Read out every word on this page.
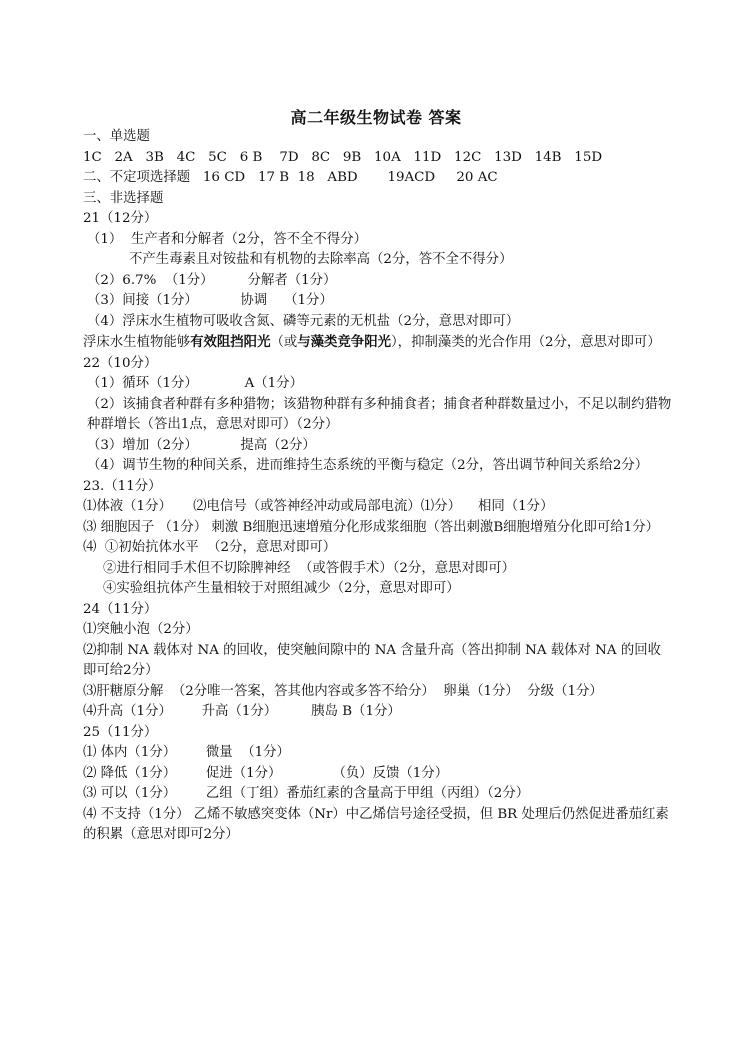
高二年级生物试卷 答案

一、单选题

1C   2A   3B   4C   5C   6 B    7D   8C   9B   10A   11D   12C   13D   14B   15D

二、不定项选择题   16 CD   17 B  18   ABD       19ACD     20 AC

三、非选择题

21（12分）

（1）  生产者和分解者（2分，答不全不得分）

不产生毒素且对铵盐和有机物的去除率高（2分，答不全不得分）

（2）6.7%  （1分）        分解者（1分）

（3）间接（1分）          协调    （1分）

（4）浮床水生植物可吸收含氮、磷等元素的无机盐（2分，意思对即可）

浮床水生植物能够有效阻挡阳光（或与藻类竞争阳光），抑制藻类的光合作用（2分，意思对即可）

22（10分）

（1）循环（1分）           A（1分）

（2）该捕食者种群有多种猎物；该猎物种群有多种捕食者；捕食者种群数量过小，不足以制约猎物种群增长（答出1点，意思对即可）（2分）

（3）增加（2分）          提高（2分）

（4）调节生物的种间关系，进而维持生态系统的平衡与稳定（2分，答出调节种间关系给2分）

23.（11分）

⑴体液（1分）     ⑵电信号（或答神经冲动或局部电流）⑴分）    相同（1分）

⑶ 细胞因子 （1分） 刺激 B细胞迅速增殖分化形成浆细胞（答出刺激B细胞增殖分化即可给1分）

⑷  ①初始抗体水平  （2分，意思对即可）

②进行相同手术但不切除脾神经  （或答假手术）（2分，意思对即可）

④实验组抗体产生量相较于对照组减少（2分，意思对即可）

24（11分）

⑴突触小泡（2分）

⑵抑制 NA 载体对 NA 的回收，使突触间隙中的 NA 含量升高（答出抑制 NA 载体对 NA 的回收即可给2分）

⑶肝糖原分解  （2分唯一答案，答其他内容或多答不给分）  卵巢（1分）  分级（1分）

⑷升高（1分）       升高（1分）        胰岛 B（1分）

25（11分）

⑴ 体内（1分）       微量  （1分）

⑵ 降低（1分）       促进（1分）            （负）反馈（1分）

⑶ 可以（1分）       乙组（丁组）番茄红素的含量高于甲组（丙组）（2分）

⑷ 不支持（1分） 乙烯不敏感突变体（Nr）中乙烯信号途径受损，但 BR 处理后仍然促进番茄红素的积累（意思对即可2分）
